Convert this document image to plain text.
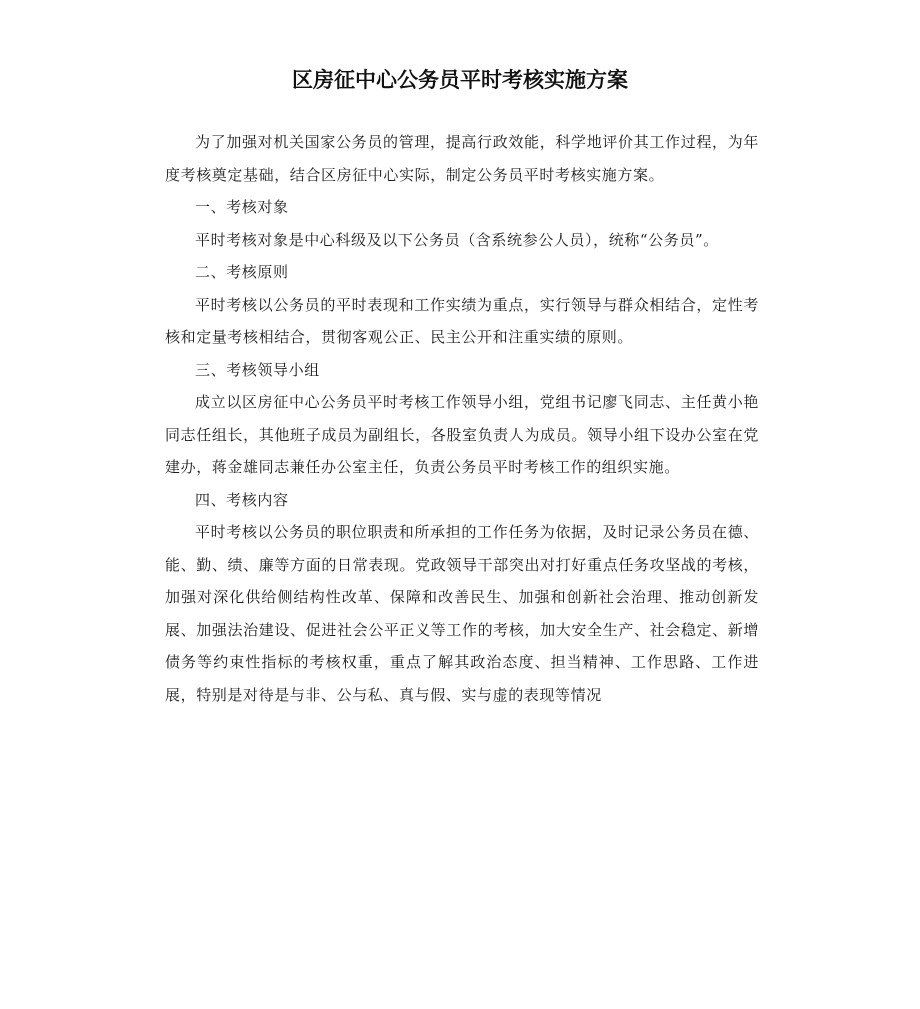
区房征中心公务员平时考核实施方案

为了加强对机关国家公务员的管理，提高行政效能，科学地评价其工作过程，为年度考核奠定基础，结合区房征中心实际，制定公务员平时考核实施方案。

一、考核对象

平时考核对象是中心科级及以下公务员（含系统参公人员），统称“公务员”。

二、考核原则

平时考核以公务员的平时表现和工作实绩为重点，实行领导与群众相结合，定性考核和定量考核相结合，贯彻客观公正、民主公开和注重实绩的原则。

三、考核领导小组

成立以区房征中心公务员平时考核工作领导小组，党组书记廖飞同志、主任黄小艳同志任组长，其他班子成员为副组长，各股室负责人为成员。领导小组下设办公室在党建办，蒋金雄同志兼任办公室主任，负责公务员平时考核工作的组织实施。

四、考核内容

平时考核以公务员的职位职责和所承担的工作任务为依据，及时记录公务员在德、能、勤、绩、廉等方面的日常表现。党政领导干部突出对打好重点任务攻坚战的考核，加强对深化供给侧结构性改革、保障和改善民生、加强和创新社会治理、推动创新发展、加强法治建设、促进社会公平正义等工作的考核，加大安全生产、社会稳定、新增债务等约束性指标的考核权重，重点了解其政治态度、担当精神、工作思路、工作进展，特别是对待是与非、公与私、真与假、实与虚的表现等情况
